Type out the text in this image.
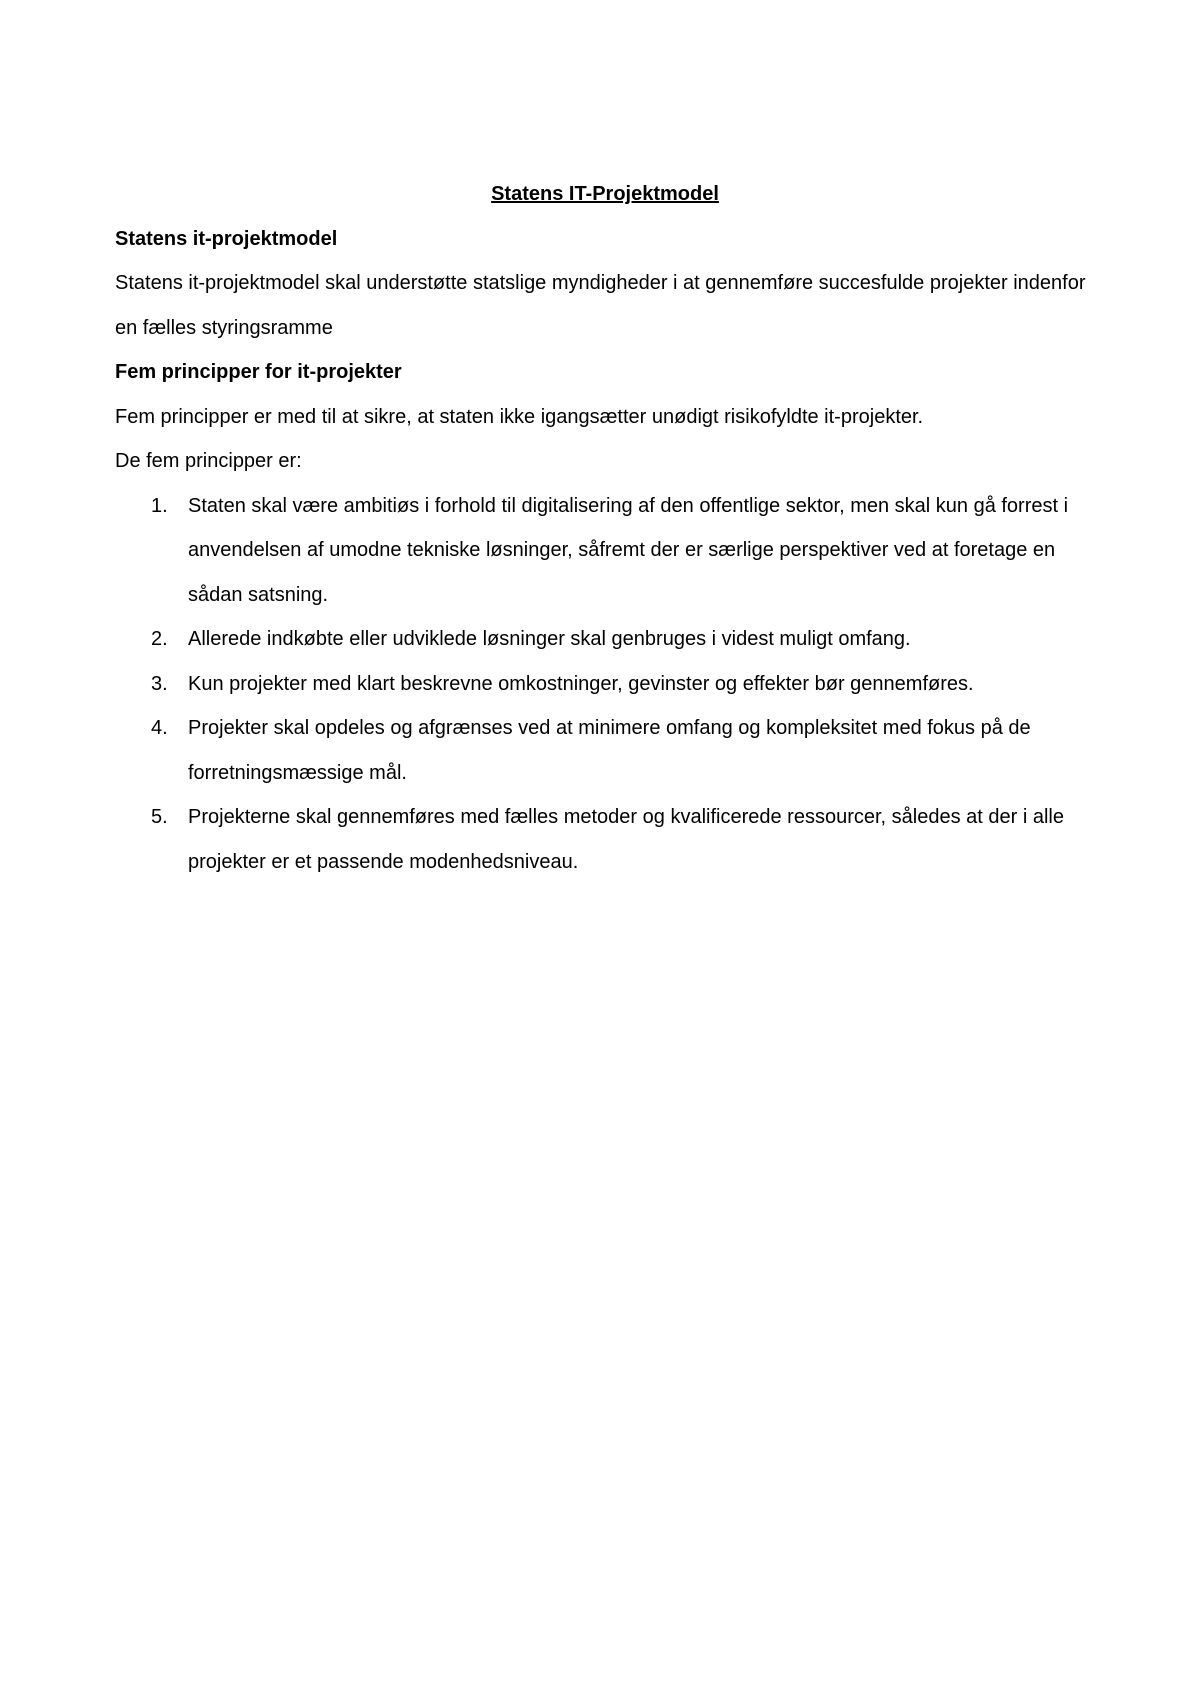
Statens IT-Projektmodel

Statens it-projektmodel

Statens it-projektmodel skal understøtte statslige myndigheder i at gennemføre succesfulde projekter indenfor en fælles styringsramme

Fem principper for it-projekter

Fem principper er med til at sikre, at staten ikke igangsætter unødigt risikofyldte it-projekter.

De fem principper er:

1. Staten skal være ambitiøs i forhold til digitalisering af den offentlige sektor, men skal kun gå forrest i anvendelsen af umodne tekniske løsninger, såfremt der er særlige perspektiver ved at foretage en sådan satsning.
2. Allerede indkøbte eller udviklede løsninger skal genbruges i videst muligt omfang.
3. Kun projekter med klart beskrevne omkostninger, gevinster og effekter bør gennemføres.
4. Projekter skal opdeles og afgrænses ved at minimere omfang og kompleksitet med fokus på de forretningsmæssige mål.
5. Projekterne skal gennemføres med fælles metoder og kvalificerede ressourcer, således at der i alle projekter er et passende modenhedsniveau.
